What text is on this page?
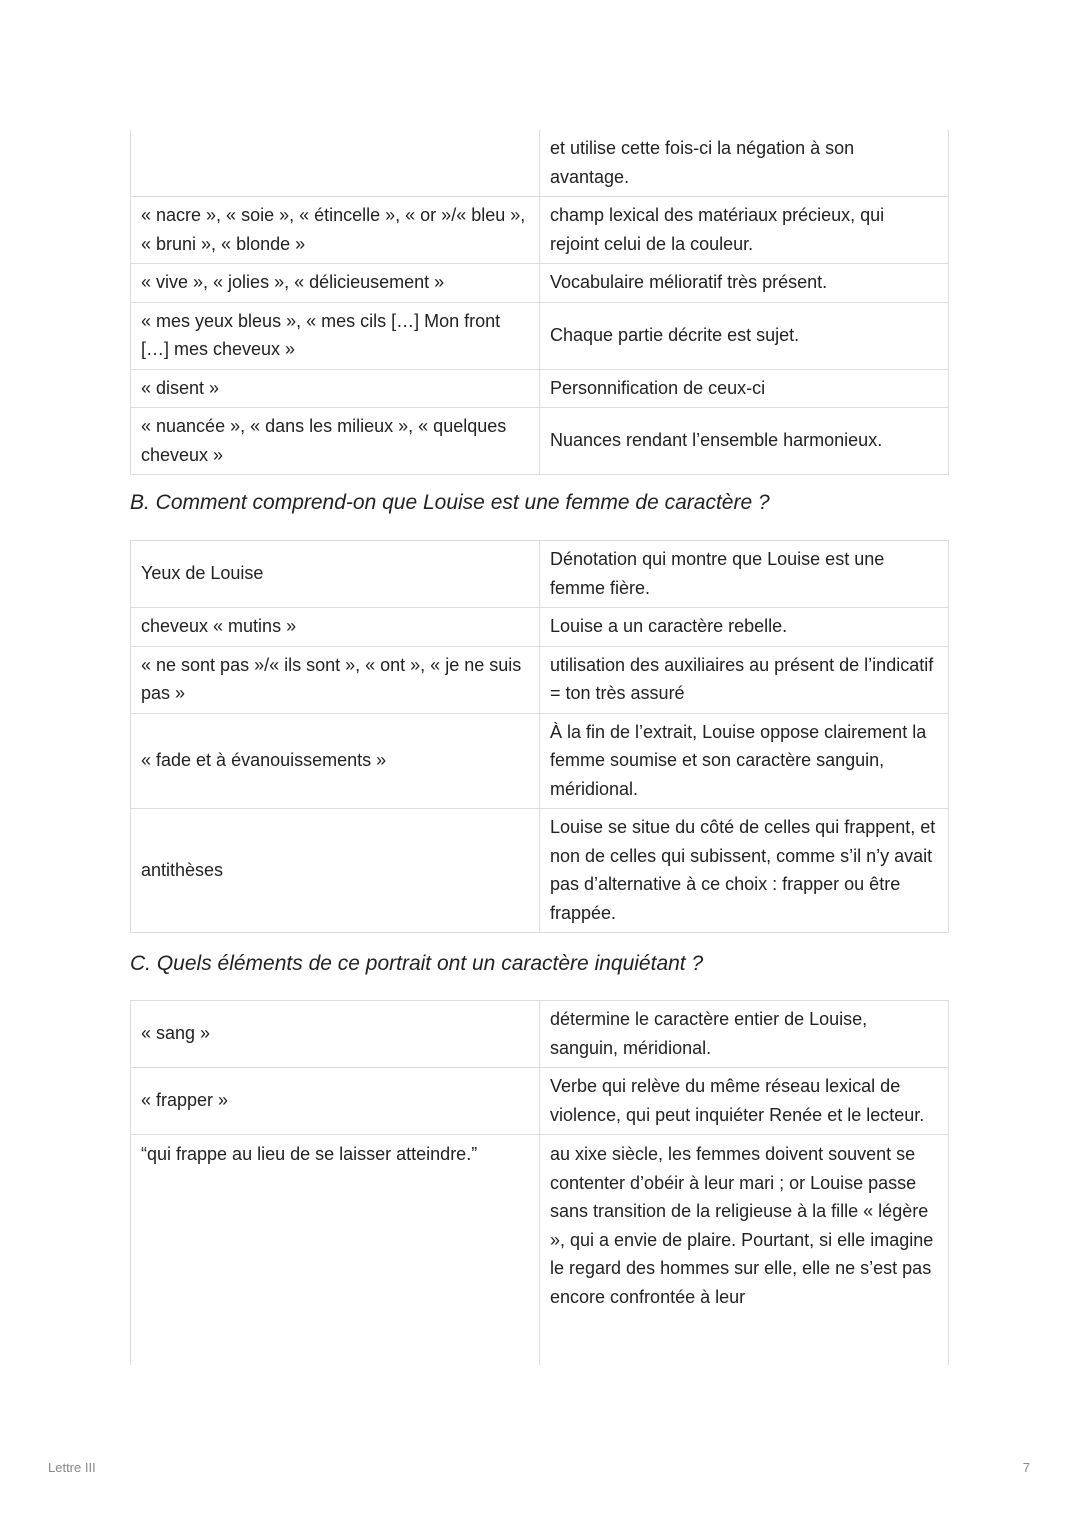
	et utilise cette fois-ci la négation à son avantage.
« nacre », « soie », « étincelle », « or »/« bleu », « bruni », « blonde »	champ lexical des matériaux précieux, qui rejoint celui de la couleur.
« vive », « jolies », « délicieusement »	Vocabulaire mélioratif très présent.
« mes yeux bleus », « mes cils […] Mon front […] mes cheveux »	Chaque partie décrite est sujet.
« disent »	Personnification de ceux-ci
« nuancée », « dans les milieux », « quelques cheveux »	Nuances rendant l’ensemble harmonieux.
B. Comment comprend-on que Louise est une femme de caractère ?
Yeux de Louise	Dénotation qui montre que Louise est une femme fière.
cheveux « mutins »	Louise a un caractère rebelle.
« ne sont pas »/« ils sont », « ont », « je ne suis pas »	utilisation des auxiliaires au présent de l’indicatif = ton très assuré
« fade et à évanouissements »	À la fin de l’extrait, Louise oppose clairement la femme soumise et son caractère sanguin, méridional.
antithèses	Louise se situe du côté de celles qui frappent, et non de celles qui subissent, comme s’il n’y avait pas d’alternative à ce choix : frapper ou être frappée.
C. Quels éléments de ce portrait ont un caractère inquiétant ?
« sang »	détermine le caractère entier de Louise, sanguin, méridional.
« frapper »	Verbe qui relève du même réseau lexical de violence, qui peut inquiéter Renée et le lecteur.
“qui frappe au lieu de se laisser atteindre.”	au xixe siècle, les femmes doivent souvent se contenter d’obéir à leur mari ; or Louise passe sans transition de la religieuse à la fille « légère », qui a envie de plaire. Pourtant, si elle imagine le regard des hommes sur elle, elle ne s’est pas encore confrontée à leur
Lettre III	7
